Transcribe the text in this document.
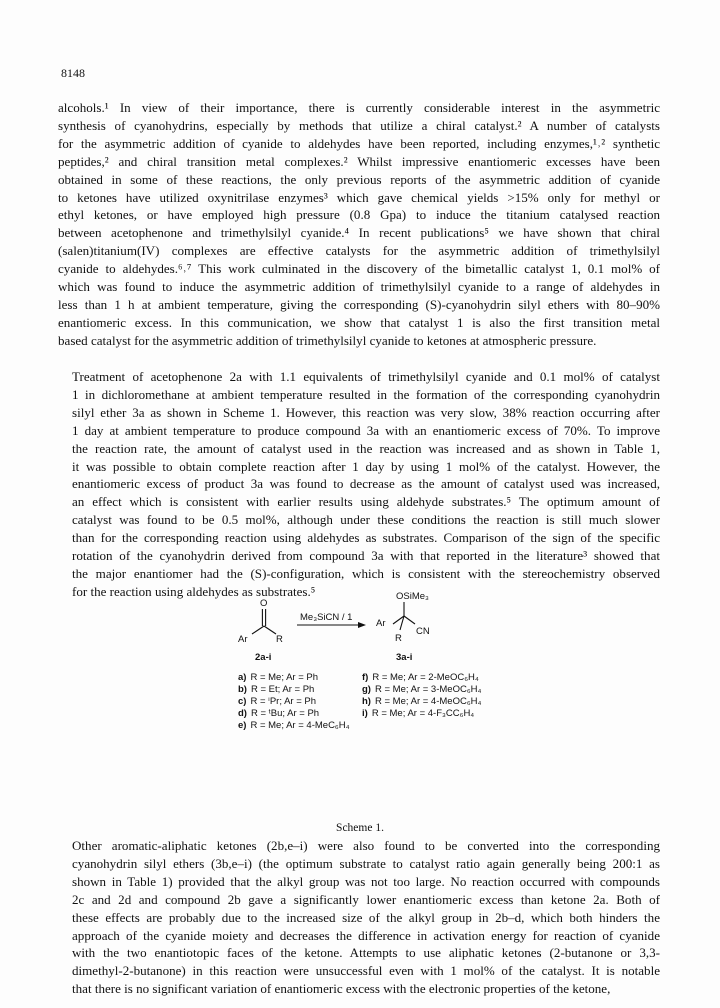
8148

alcohols.¹ In view of their importance, there is currently considerable interest in the asymmetric

synthesis of cyanohydrins, especially by methods that utilize a chiral catalyst.² A number of catalysts

for the asymmetric addition of cyanide to aldehydes have been reported, including enzymes,¹˒² synthetic

peptides,² and chiral transition metal complexes.² Whilst impressive enantiomeric excesses have been

obtained in some of these reactions, the only previous reports of the asymmetric addition of cyanide

to ketones have utilized oxynitrilase enzymes³ which gave chemical yields >15% only for methyl or

ethyl ketones, or have employed high pressure (0.8 Gpa) to induce the titanium catalysed reaction

between acetophenone and trimethylsilyl cyanide.⁴ In recent publications⁵ we have shown that chiral

(salen)titanium(IV) complexes are effective catalysts for the asymmetric addition of trimethylsilyl

cyanide to aldehydes.⁶˒⁷ This work culminated in the discovery of the bimetallic catalyst 1, 0.1 mol% of

which was found to induce the asymmetric addition of trimethylsilyl cyanide to a range of aldehydes in

less than 1 h at ambient temperature, giving the corresponding (S)-cyanohydrin silyl ethers with 80–90%

enantiomeric excess. In this communication, we show that catalyst 1 is also the first transition metal

based catalyst for the asymmetric addition of trimethylsilyl cyanide to ketones at atmospheric pressure.

Treatment of acetophenone 2a with 1.1 equivalents of trimethylsilyl cyanide and 0.1 mol% of catalyst

1 in dichloromethane at ambient temperature resulted in the formation of the corresponding cyanohydrin

silyl ether 3a as shown in Scheme 1. However, this reaction was very slow, 38% reaction occurring after

1 day at ambient temperature to produce compound 3a with an enantiomeric excess of 70%. To improve

the reaction rate, the amount of catalyst used in the reaction was increased and as shown in Table 1,

it was possible to obtain complete reaction after 1 day by using 1 mol% of the catalyst. However, the

enantiomeric excess of product 3a was found to decrease as the amount of catalyst used was increased,

an effect which is consistent with earlier results using aldehyde substrates.⁵ The optimum amount of

catalyst was found to be 0.5 mol%, although under these conditions the reaction is still much slower

than for the corresponding reaction using aldehydes as substrates. Comparison of the sign of the specific

rotation of the cyanohydrin derived from compound 3a with that reported in the literature³ showed that

the major enantiomer had the (S)-configuration, which is consistent with the stereochemistry observed

for the reaction using aldehydes as substrates.⁵

O
Ar	R
2a-i
Me₃SiCN / 1
OSiMe₃
Ar
R
CN
3a-i
a) R = Me; Ar = Ph
b) R = Et; Ar = Ph
c) R = ⁱPr; Ar = Ph
d) R = ᵗBu; Ar = Ph
e) R = Me; Ar = 4-MeC₆H₄
f) R = Me; Ar = 2-MeOC₆H₄
g) R = Me; Ar = 3-MeOC₆H₄
h) R = Me; Ar = 4-MeOC₆H₄
i) R = Me; Ar = 4-F₃CC₆H₄
Scheme 1.

Other aromatic-aliphatic ketones (2b,e–i) were also found to be converted into the corresponding

cyanohydrin silyl ethers (3b,e–i) (the optimum substrate to catalyst ratio again generally being 200:1 as

shown in Table 1) provided that the alkyl group was not too large. No reaction occurred with compounds

2c and 2d and compound 2b gave a significantly lower enantiomeric excess than ketone 2a. Both of

these effects are probably due to the increased size of the alkyl group in 2b–d, which both hinders the

approach of the cyanide moiety and decreases the difference in activation energy for reaction of cyanide

with the two enantiotopic faces of the ketone. Attempts to use aliphatic ketones (2-butanone or 3,3-

dimethyl-2-butanone) in this reaction were unsuccessful even with 1 mol% of the catalyst. It is notable

that there is no significant variation of enantiomeric excess with the electronic properties of the ketone,
